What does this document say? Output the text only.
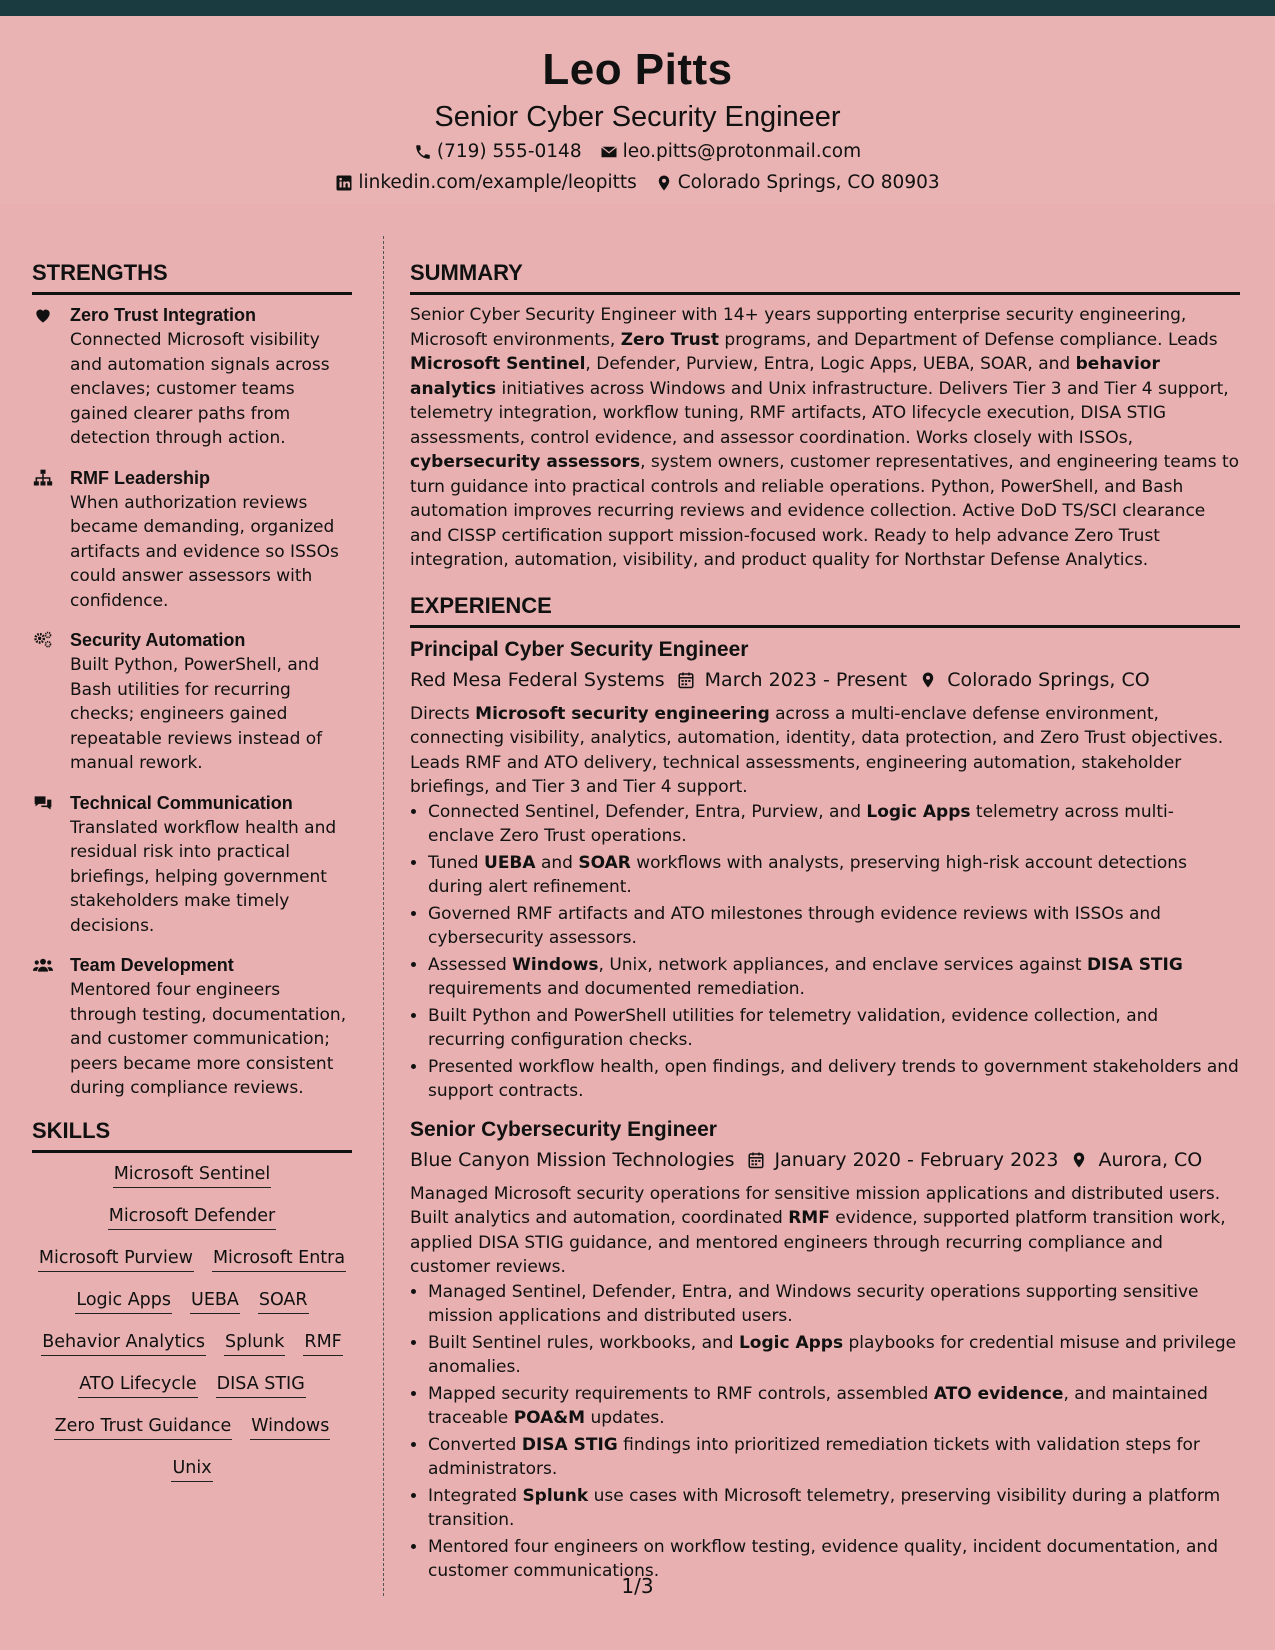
Leo Pitts
Senior Cyber Security Engineer
(719) 555-0148 leo.pitts@protonmail.com
linkedin.com/example/leopitts Colorado Springs, CO 80903
STRENGTHS
Zero Trust Integration
Connected Microsoft visibility and automation signals across enclaves; customer teams gained clearer paths from detection through action.
RMF Leadership
When authorization reviews became demanding, organized artifacts and evidence so ISSOs could answer assessors with confidence.
Security Automation
Built Python, PowerShell, and Bash utilities for recurring checks; engineers gained repeatable reviews instead of manual rework.
Technical Communication
Translated workflow health and residual risk into practical briefings, helping government stakeholders make timely decisions.
Team Development
Mentored four engineers through testing, documentation, and customer communication; peers became more consistent during compliance reviews.
SKILLS
Microsoft Sentinel
Microsoft Defender
Microsoft Purview Microsoft Entra
Logic Apps UEBA SOAR
Behavior Analytics Splunk RMF
ATO Lifecycle DISA STIG
Zero Trust Guidance Windows
Unix
SUMMARY
Senior Cyber Security Engineer with 14+ years supporting enterprise security engineering, Microsoft environments, Zero Trust programs, and Department of Defense compliance. Leads Microsoft Sentinel, Defender, Purview, Entra, Logic Apps, UEBA, SOAR, and behavior analytics initiatives across Windows and Unix infrastructure. Delivers Tier 3 and Tier 4 support, telemetry integration, workflow tuning, RMF artifacts, ATO lifecycle execution, DISA STIG assessments, control evidence, and assessor coordination. Works closely with ISSOs, cybersecurity assessors, system owners, customer representatives, and engineering teams to turn guidance into practical controls and reliable operations. Python, PowerShell, and Bash automation improves recurring reviews and evidence collection. Active DoD TS/SCI clearance and CISSP certification support mission-focused work. Ready to help advance Zero Trust integration, automation, visibility, and product quality for Northstar Defense Analytics.
EXPERIENCE
Principal Cyber Security Engineer
Red Mesa Federal Systems March 2023 - Present Colorado Springs, CO
Directs Microsoft security engineering across a multi-enclave defense environment, connecting visibility, analytics, automation, identity, data protection, and Zero Trust objectives. Leads RMF and ATO delivery, technical assessments, engineering automation, stakeholder briefings, and Tier 3 and Tier 4 support.
• Connected Sentinel, Defender, Entra, Purview, and Logic Apps telemetry across multi-enclave Zero Trust operations.
• Tuned UEBA and SOAR workflows with analysts, preserving high-risk account detections during alert refinement.
• Governed RMF artifacts and ATO milestones through evidence reviews with ISSOs and cybersecurity assessors.
• Assessed Windows, Unix, network appliances, and enclave services against DISA STIG requirements and documented remediation.
• Built Python and PowerShell utilities for telemetry validation, evidence collection, and recurring configuration checks.
• Presented workflow health, open findings, and delivery trends to government stakeholders and support contracts.
Senior Cybersecurity Engineer
Blue Canyon Mission Technologies January 2020 - February 2023 Aurora, CO
Managed Microsoft security operations for sensitive mission applications and distributed users. Built analytics and automation, coordinated RMF evidence, supported platform transition work, applied DISA STIG guidance, and mentored engineers through recurring compliance and customer reviews.
• Managed Sentinel, Defender, Entra, and Windows security operations supporting sensitive mission applications and distributed users.
• Built Sentinel rules, workbooks, and Logic Apps playbooks for credential misuse and privilege anomalies.
• Mapped security requirements to RMF controls, assembled ATO evidence, and maintained traceable POA&M updates.
• Converted DISA STIG findings into prioritized remediation tickets with validation steps for administrators.
• Integrated Splunk use cases with Microsoft telemetry, preserving visibility during a platform transition.
• Mentored four engineers on workflow testing, evidence quality, incident documentation, and customer communications.
1/3
